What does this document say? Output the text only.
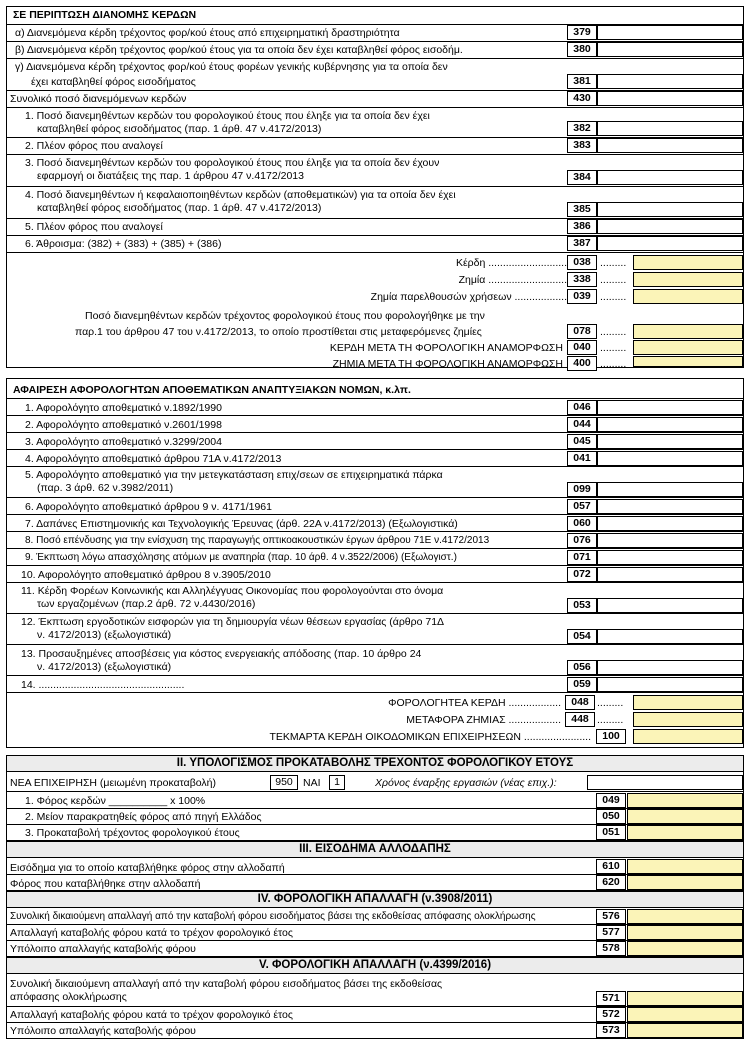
ΣΕ ΠΕΡΙΠΤΩΣΗ ΔΙΑΝΟΜΗΣ ΚΕΡΔΩΝ
α) Διανεμόμενα κέρδη τρέχοντος φορ/κού έτους από επιχειρηματική δραστηριότητα	379
β) Διανεμόμενα κέρδη τρέχοντος φορ/κού έτους για τα οποία δεν έχει καταβληθεί φόρος εισοδήμ.	380
γ) Διανεμόμενα κέρδη τρέχοντος φορ/κού έτους φορέων γενικής κυβέρνησης για τα οποία δεν
έχει καταβληθεί φόρος εισοδήματος	381
Συνολικό ποσό διανεμόμενων κερδών	430
1. Ποσό διανεμηθέντων κερδών του φορολογικού έτους που έληξε για τα οποία δεν έχει
καταβληθεί φόρος εισοδήματος (παρ. 1 άρθ. 47 ν.4172/2013)	382
2. Πλέον φόρος που αναλογεί	383
3. Ποσό διανεμηθέντων κερδών του φορολογικού έτους που έληξε για τα οποία δεν έχουν
εφαρμογή οι διατάξεις της παρ. 1 άρθρου 47 ν.4172/2013	384
4. Ποσό διανεμηθέντων ή κεφαλαιοποιηθέντων κερδών (αποθεματικών) για τα οποία δεν έχει
καταβληθεί φόρος εισοδήματος (παρ. 1 άρθ. 47 ν.4172/2013)	385
5. Πλέον φόρος που αναλογεί	386
6. Άθροισμα: (382) + (383) + (385) + (386)	387
Κέρδη ........................... 038 .........
Ζημία ........................... 338 .........
Ζημία παρελθουσών χρήσεων .................. 039 .........
Ποσό διανεμηθέντων κερδών τρέχοντος φορολογικού έτους που φορολογήθηκε με την
παρ.1 του άρθρου 47 του ν.4172/2013, το οποίο προστίθεται στις μεταφερόμενες ζημίες	078 .........
ΚΕΡΔΗ ΜΕΤΑ ΤΗ ΦΟΡΟΛΟΓΙΚΗ ΑΝΑΜΟΡΦΩΣΗ 040 .........
ΖΗΜΙΑ ΜΕΤΑ ΤΗ ΦΟΡΟΛΟΓΙΚΗ ΑΝΑΜΟΡΦΩΣΗ 400 .........
ΑΦΑΙΡΕΣΗ ΑΦΟΡΟΛΟΓΗΤΩΝ ΑΠΟΘΕΜΑΤΙΚΩΝ ΑΝΑΠΤΥΞΙΑΚΩΝ ΝΟΜΩΝ, κ.λπ.
1. Αφορολόγητο αποθεματικό ν.1892/1990	046
2. Αφορολόγητο αποθεματικό ν.2601/1998	044
3. Αφορολόγητο αποθεματικό ν.3299/2004	045
4. Αφορολόγητο αποθεματικό άρθρου 71Α ν.4172/2013	041
5. Αφορολόγητο αποθεματικό για την μετεγκατάσταση επιχ/σεων σε επιχειρηματικά πάρκα
(παρ. 3 άρθ. 62 ν.3982/2011)	099
6. Αφορολόγητο αποθεματικό άρθρου 9 ν. 4171/1961	057
7. Δαπάνες Επιστημονικής και Τεχνολογικής Έρευνας (άρθ. 22Α ν.4172/2013) (Εξωλογιστικά)	060
8. Ποσό επένδυσης για την ενίσχυση της παραγωγής οπτικοακουστικών έργων άρθρου 71Ε ν.4172/2013	076
9. Έκπτωση λόγω απασχόλησης ατόμων με αναπηρία (παρ. 10 άρθ. 4 ν.3522/2006) (Εξωλογιστ.)	071
10. Αφορολόγητο αποθεματικό άρθρου 8 ν.3905/2010	072
11. Κέρδη Φορέων Κοινωνικής και Αλληλέγγυας Οικονομίας που φορολογούνται στο όνομα
των εργαζομένων (παρ.2 άρθ. 72 ν.4430/2016)	053
12. Έκπτωση εργοδοτικών εισφορών για τη δημιουργία νέων θέσεων εργασίας (άρθρο 71Δ
ν. 4172/2013) (εξωλογιστικά)	054
13. Προσαυξημένες αποσβέσεις για κόστος ενεργειακής απόδοσης (παρ. 10 άρθρο 24
ν. 4172/2013) (εξωλογιστικά)	056
14. ..................................................	059
ΦΟΡΟΛΟΓΗΤΕΑ ΚΕΡΔΗ .................. 048 .........
ΜΕΤΑΦΟΡΑ ΖΗΜΙΑΣ .................. 448 .........
ΤΕΚΜΑΡΤΑ ΚΕΡΔΗ ΟΙΚΟΔΟΜΙΚΩΝ ΕΠΙΧΕΙΡΗΣΕΩΝ .......................	100
ΙΙ. ΥΠΟΛΟΓΙΣΜΟΣ ΠΡΟΚΑΤΑΒΟΛΗΣ ΤΡΕΧΟΝΤΟΣ ΦΟΡΟΛΟΓΙΚΟΥ ΕΤΟΥΣ
ΝΕΑ ΕΠΙΧΕΙΡΗΣΗ (μειωμένη προκαταβολή)	950 ΝΑΙ	1	Χρόνος έναρξης εργασιών (νέας επιχ.):
1. Φόρος κερδών __________ x 100%	049
2. Μείον παρακρατηθείς φόρος από πηγή Ελλάδος	050
3. Προκαταβολή τρέχοντος φορολογικού έτους	051
ΙΙΙ. ΕΙΣΟΔΗΜΑ ΑΛΛΟΔΑΠΗΣ
Εισόδημα για το οποίο καταβλήθηκε φόρος στην αλλοδαπή	610
Φόρος που καταβλήθηκε στην αλλοδαπή	620
ΙV. ΦΟΡΟΛΟΓΙΚΗ ΑΠΑΛΛΑΓΗ (ν.3908/2011)
Συνολική δικαιούμενη απαλλαγή από την καταβολή φόρου εισοδήματος βάσει της εκδοθείσας απόφασης ολοκλήρωσης	576
Απαλλαγή καταβολής φόρου κατά το τρέχον φορολογικό έτος	577
Υπόλοιπο απαλλαγής καταβολής φόρου	578
V. ΦΟΡΟΛΟΓΙΚΗ ΑΠΑΛΛΑΓΗ (ν.4399/2016)
Συνολική δικαιούμενη απαλλαγή από την καταβολή φόρου εισοδήματος βάσει της εκδοθείσας
απόφασης ολοκλήρωσης	571
Απαλλαγή καταβολής φόρου κατά το τρέχον φορολογικό έτος	572
Υπόλοιπο απαλλαγής καταβολής φόρου	573
